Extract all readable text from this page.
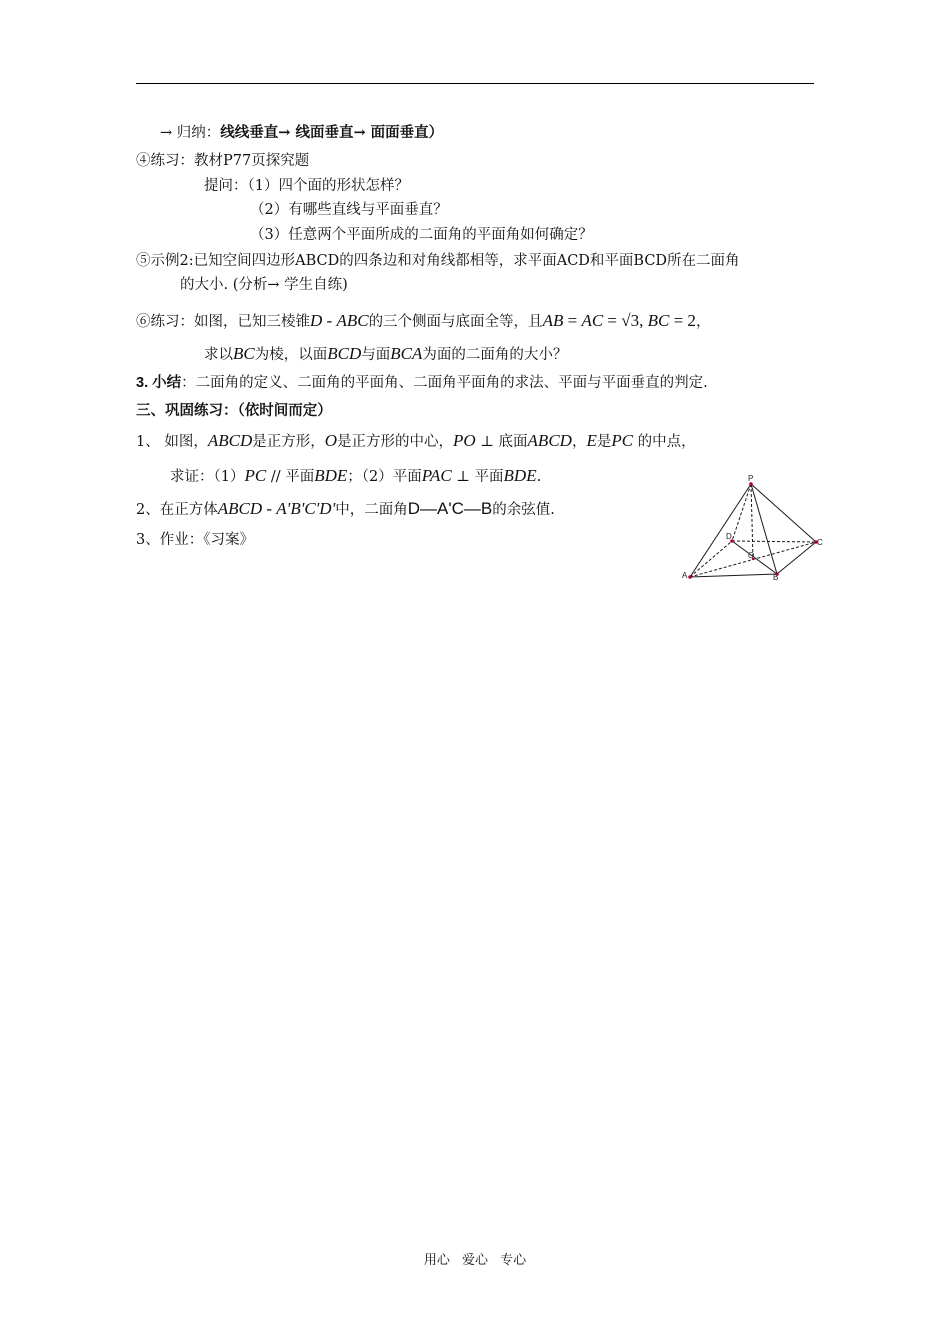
→ 归纳：线线垂直→ 线面垂直→ 面面垂直）
④练习：教材P77页探究题
提问：（1）四个面的形状怎样？
（2）有哪些直线与平面垂直？
（3）任意两个平面所成的二面角的平面角如何确定？
⑤示例2:已知空间四边形ABCD的四条边和对角线都相等，求平面ACD和平面BCD所在二面角
的大小. (分析→ 学生自练)
⑥练习：如图，已知三棱锥D - ABC的三个侧面与底面全等，且AB = AC = √3, BC = 2，
求以BC为棱，以面BCD与面BCA为面的二面角的大小？
3. 小结：二面角的定义、二面角的平面角、二面角平面角的求法、平面与平面垂直的判定.
三、巩固练习：（依时间而定）
1、 如图，ABCD是正方形，O是正方形的中心，PO ⊥ 底面ABCD，E是PC 的中点，
求证：（1）PC // 平面BDE；（2）平面PAC ⊥ 平面BDE.
2、在正方体ABCD - A'B'C'D'中，二面角D—A'C—B的余弦值.
3、作业：《习案》
P
A	B
C
D
O
用心 爱心 专心
